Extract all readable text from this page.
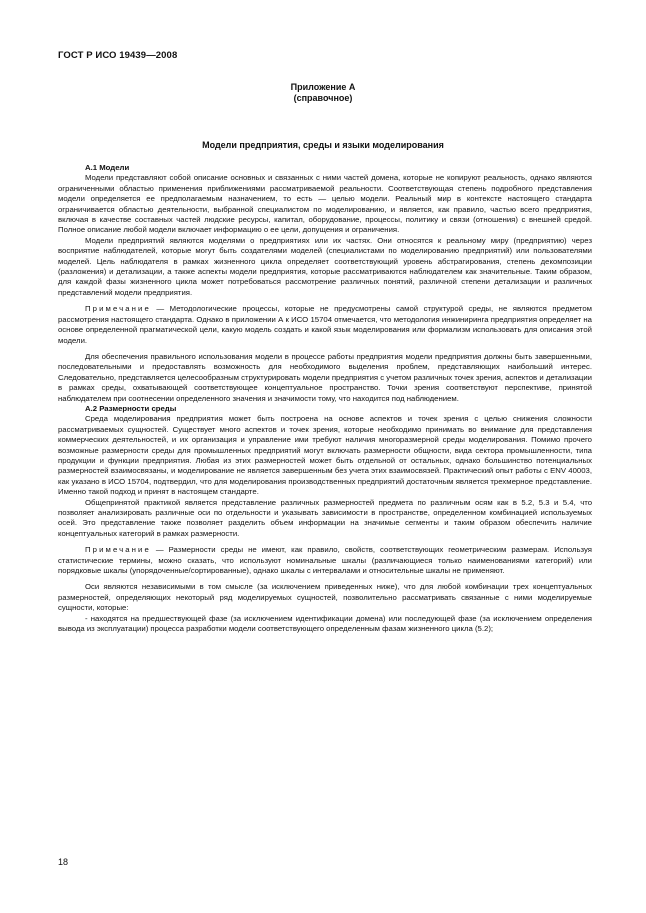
ГОСТ Р ИСО 19439—2008
Приложение А
(справочное)
Модели предприятия, среды и языки моделирования
А.1 Модели

Модели представляют собой описание основных и связанных с ними частей домена, которые не копируют реальность, однако являются ограниченными областью применения приближениями рассматриваемой реальности. Соответствующая степень подробного представления модели определяется ее предполагаемым назначением, то есть — целью модели. Реальный мир в контексте настоящего стандарта ограничивается областью деятельности, выбранной специалистом по моделированию, и является, как правило, частью всего предприятия, включая в качестве составных частей людские ресурсы, капитал, оборудование, процессы, политику и связи (отношения) с внешней средой. Полное описание любой модели включает информацию о ее цели, допущения и ограничения.

Модели предприятий являются моделями о предприятиях или их частях. Они относятся к реальному миру (предприятию) через восприятие наблюдателей, которые могут быть создателями моделей (специалистами по моделированию предприятий) или пользователями моделей. Цель наблюдателя в рамках жизненного цикла определяет соответствующий уровень абстрагирования, степень декомпозиции (разложения) и детализации, а также аспекты модели предприятия, которые рассматриваются наблюдателем как значительные. Таким образом, для каждой фазы жизненного цикла может потребоваться рассмотрение различных понятий, различной степени детализации и различных представлений модели предприятия.

Примечание — Методологические процессы, которые не предусмотрены самой структурой среды, не являются предметом рассмотрения настоящего стандарта. Однако в приложении А к ИСО 15704 отмечается, что методология инжиниринга предприятия определяет на основе определенной прагматической цели, какую модель создать и какой язык моделирования или формализм использовать для описания этой модели.

Для обеспечения правильного использования модели в процессе работы предприятия модели предприятия должны быть завершенными, последовательными и предоставлять возможность для необходимого выделения проблем, представляющих наибольший интерес. Следовательно, представляется целесообразным структурировать модели предприятия с учетом различных точек зрения, аспектов и детализации в рамках среды, охватывающей соответствующее концептуальное пространство. Точки зрения соответствуют перспективе, принятой наблюдателем при соотнесении определенного значения и значимости тому, что находится под наблюдением.

А.2 Размерности среды

Среда моделирования предприятия может быть построена на основе аспектов и точек зрения с целью снижения сложности рассматриваемых сущностей. Существует много аспектов и точек зрения, которые необходимо принимать во внимание для представления коммерческих деятельностей, и их организация и управление ими требуют наличия многоразмерной среды моделирования. Помимо прочего возможные размерности среды для промышленных предприятий могут включать размерности общности, вида сектора промышленности, типа продукции и функции предприятия. Любая из этих размерностей может быть отдельной от остальных, однако большинство потенциальных размерностей взаимосвязаны, и моделирование не является завершенным без учета этих взаимосвязей. Практический опыт работы с ENV 40003, как указано в ИСО 15704, подтвердил, что для моделирования производственных предприятий достаточным является трехмерное представление. Именно такой подход и принят в настоящем стандарте.

Общепринятой практикой является представление различных размерностей предмета по различным осям как в 5.2, 5.3 и 5.4, что позволяет анализировать различные оси по отдельности и указывать зависимости в пространстве, определенном комбинацией используемых осей. Это представление также позволяет разделить объем информации на значимые сегменты и таким образом обеспечить наличие концептуальных категорий в рамках размерности.

Примечание — Размерности среды не имеют, как правило, свойств, соответствующих геометрическим размерам. Используя статистические термины, можно сказать, что используют номинальные шкалы (различающиеся только наименованиями категорий) или порядковые шкалы (упорядоченные/сортированные), однако шкалы с интервалами и относительные шкалы не применяют.

Оси являются независимыми в том смысле (за исключением приведенных ниже), что для любой комбинации трех концептуальных размерностей, определяющих некоторый ряд моделируемых сущностей, позволительно рассматривать связанные с ними моделируемые сущности, которые:

- находятся на предшествующей фазе (за исключением идентификации домена) или последующей фазе (за исключением определения вывода из эксплуатации) процесса разработки модели соответствующего определенным фазам жизненного цикла (5.2);

18
